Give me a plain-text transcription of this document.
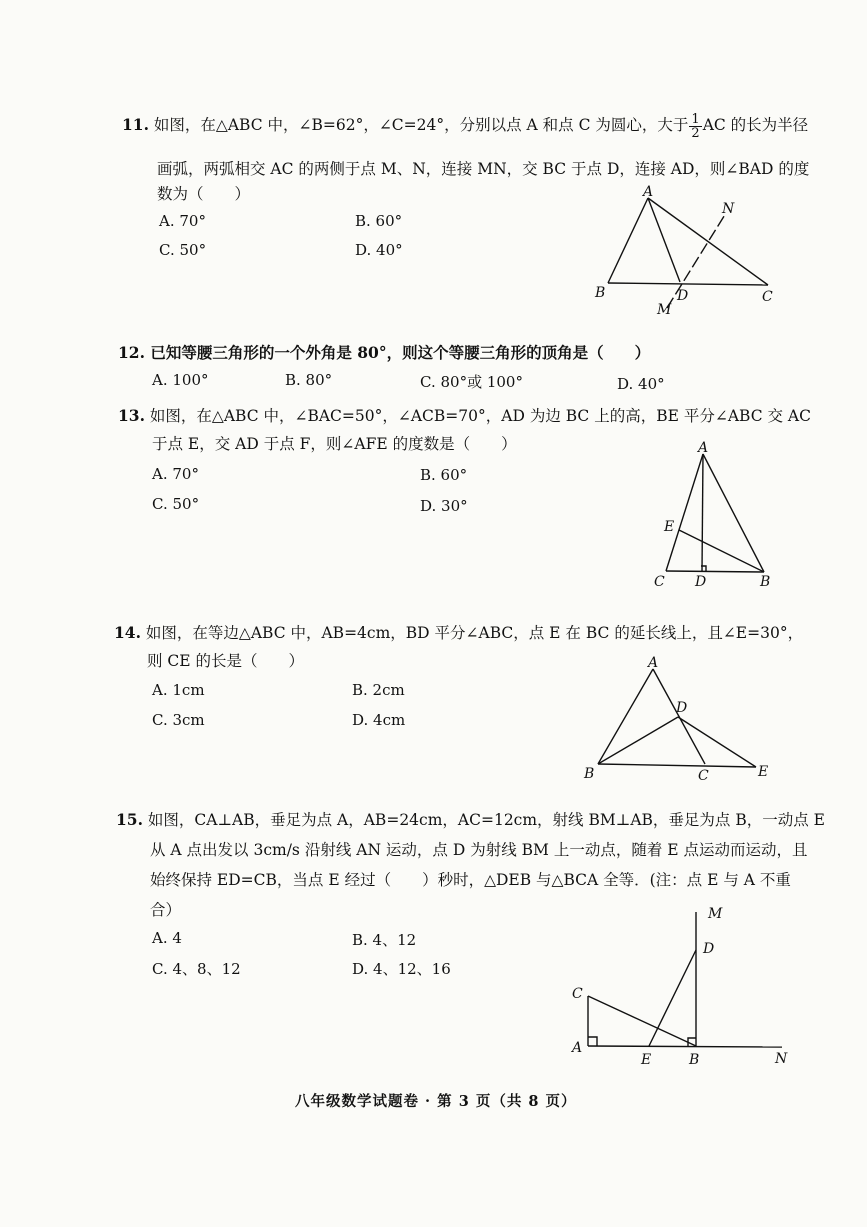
11. 如图，在△ABC 中，∠B=62°，∠C=24°，分别以点 A 和点 C 为圆心，大于 $\frac{1}{2}$ AC 的长为半径
画弧，两弧相交 AC 的两侧于点 M、N，连接 MN，交 BC 于点 D，连接 AD，则∠BAD 的度
数为（　　）
A. 70°	B. 60°
C. 50°	D. 40°
A
B	C
D
M
N
12. 已知等腰三角形的一个外角是 80°，则这个等腰三角形的顶角是（　　）
A. 100°	B. 80°	C. 80°或 100°	D. 40°
13. 如图，在△ABC 中，∠BAC=50°，∠ACB=70°，AD 为边 BC 上的高，BE 平分∠ABC 交 AC
于点 E，交 AD 于点 F，则∠AFE 的度数是（　　）
A. 70°	B. 60°
C. 50°	D. 30°
A
C D	B
E
14. 如图，在等边△ABC 中，AB=4cm，BD 平分∠ABC，点 E 在 BC 的延长线上，且∠E=30°，
则 CE 的长是（　　）
A. 1cm	B. 2cm
C. 3cm	D. 4cm
A
B	C
D
E
15. 如图，CA⊥AB，垂足为点 A，AB=24cm，AC=12cm，射线 BM⊥AB，垂足为点 B，一动点 E
从 A 点出发以 3cm/s 沿射线 AN 运动，点 D 为射线 BM 上一动点，随着 E 点运动而运动，且
始终保持 ED=CB，当点 E 经过（　　）秒时，△DEB 与△BCA 全等．(注：点 E 与 A 不重
合）
A. 4	B. 4、12
C. 4、8、12	D. 4、12、16
M
D
C
A
E	B	N
八年级数学试题卷 · 第 3 页（共 8 页）
